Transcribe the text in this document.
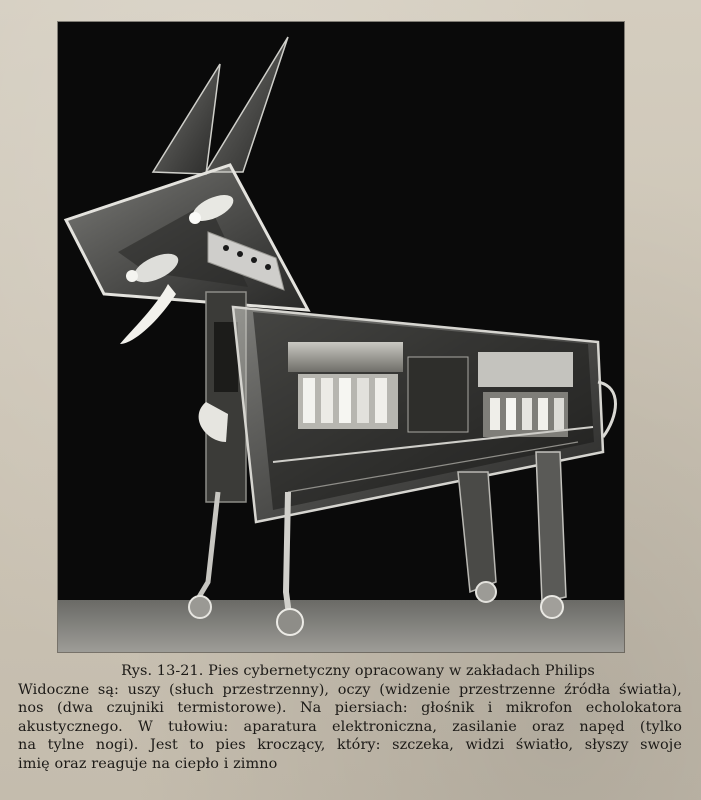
Rys. 13-21. Pies cybernetyczny opracowany w zakładach Philips
Widoczne są: uszy (słuch przestrzenny), oczy (widzenie przestrzenne źródła światła),
nos (dwa czujniki termistorowe). Na piersiach: głośnik i mikrofon echolokatora
akustycznego. W tułowiu: aparatura elektroniczna, zasilanie oraz napęd (tylko
na tylne nogi). Jest to pies kroczący, który: szczeka, widzi światło, słyszy swoje
imię oraz reaguje na ciepło i zimno
